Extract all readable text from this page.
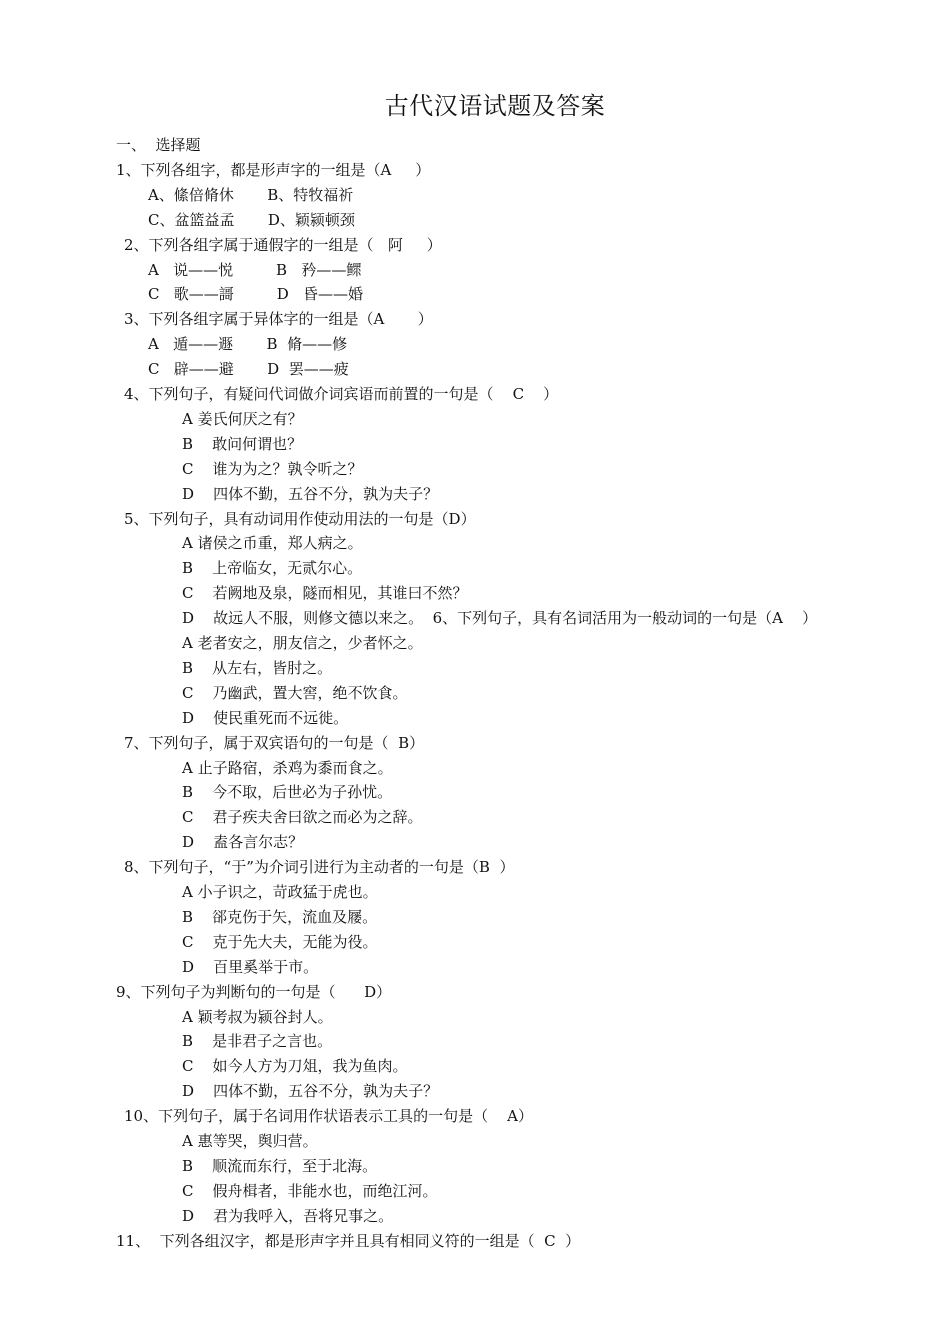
古代汉语试题及答案
一、  选择题
1、下列各组字，都是形声字的一组是（A     ）
A、絛倍脩休       B、特牧福祈
C、盆篮益孟       D、颖颍顿颈
2、下列各组字属于通假字的一组是（   阿     ）
A   说——悦         B   矜——鳏
C   歌——謌         D   昏——婚
3、下列各组字属于异体字的一组是（A       ）
A   遁——遯       B  脩——修
C   辟——避       D  罢——疲
4、下列句子，有疑问代词做介词宾语而前置的一句是（    C    ）
A 姜氏何厌之有？
B    敢问何谓也？
C    谁为为之？孰令听之？
D    四体不勤，五谷不分，孰为夫子？
5、下列句子，具有动词用作使动用法的一句是（D）
A 诸侯之币重，郑人病之。
B    上帝临女，无贰尔心。
C    若阙地及泉，隧而相见，其谁曰不然？
D    故远人不服，则修文德以来之。  6、下列句子，具有名词活用为一般动词的一句是（A    ）
A 老者安之，朋友信之，少者怀之。
B    从左右，皆肘之。
C    乃幽武，置大窖，绝不饮食。
D    使民重死而不远徙。
7、下列句子，属于双宾语句的一句是（  B）
A 止子路宿，杀鸡为黍而食之。
B    今不取，后世必为子孙忧。
C    君子疾夫舍曰欲之而必为之辞。
D    盍各言尔志？
8、下列句子，“于”为介词引进行为主动者的一句是（B  ）
A 小子识之，苛政猛于虎也。
B    郤克伤于矢，流血及屦。
C    克于先大夫，无能为役。
D    百里奚举于市。
9、下列句子为判断句的一句是（      D）
A 颖考叔为颍谷封人。
B    是非君子之言也。
C    如今人方为刀俎，我为鱼肉。
D    四体不勤，五谷不分，孰为夫子？
10、下列句子，属于名词用作状语表示工具的一句是（    A）
A 惠等哭，舆归营。
B    顺流而东行，至于北海。
C    假舟楫者，非能水也，而绝江河。
D    君为我呼入，吾将兄事之。
11、  下列各组汉字，都是形声字并且具有相同义符的一组是（  C  ）
